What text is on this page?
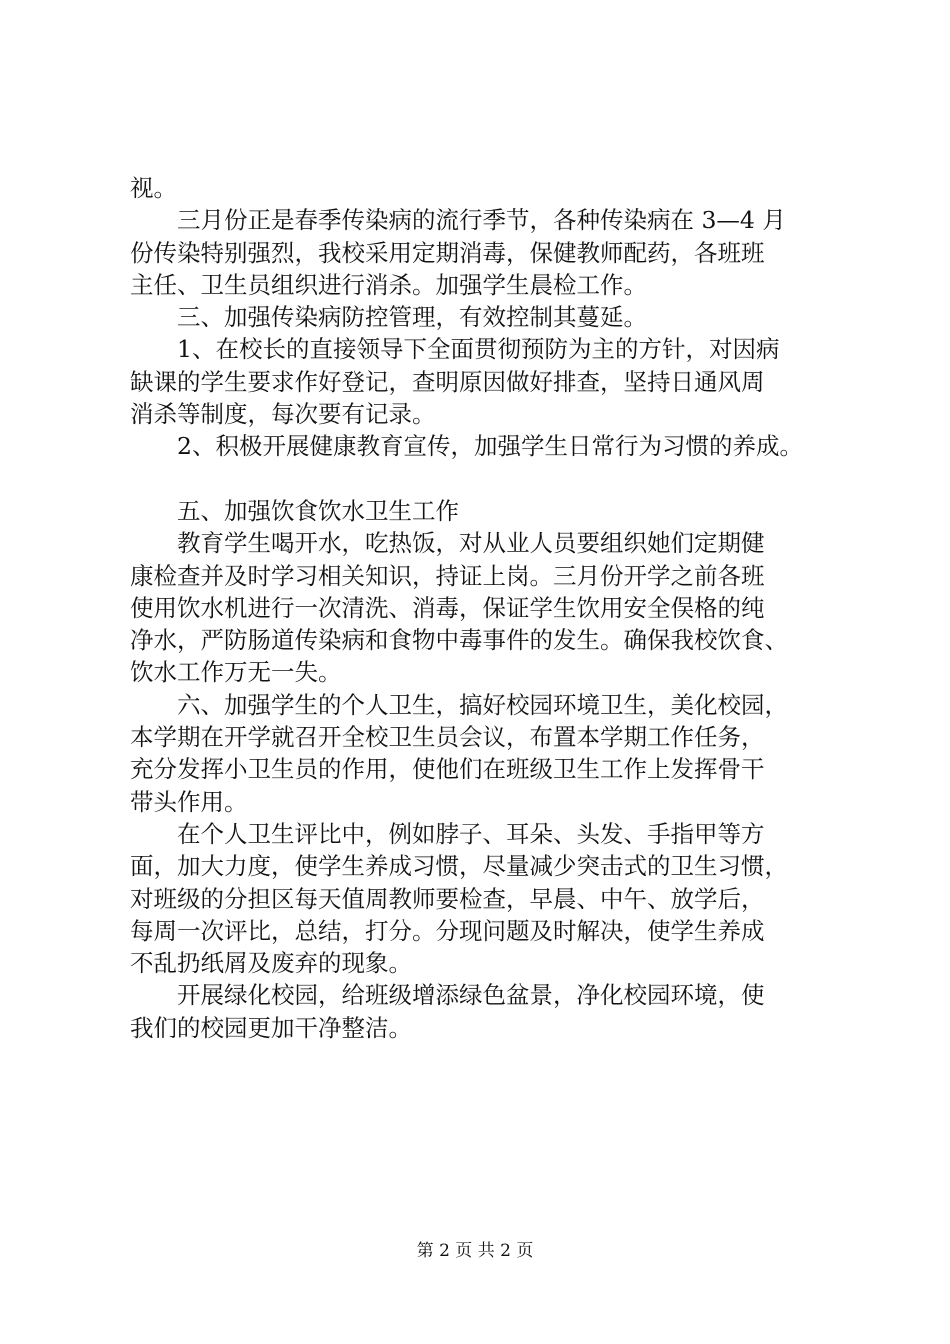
视。
三月份正是春季传染病的流行季节，各种传染病在 3—4 月
份传染特别强烈，我校采用定期消毒，保健教师配药，各班班
主任、卫生员组织进行消杀。加强学生晨检工作。
三、加强传染病防控管理，有效控制其蔓延。
1、在校长的直接领导下全面贯彻预防为主的方针，对因病
缺课的学生要求作好登记，查明原因做好排查，坚持日通风周
消杀等制度，每次要有记录。
2、积极开展健康教育宣传，加强学生日常行为习惯的养成。
五、加强饮食饮水卫生工作
教育学生喝开水，吃热饭，对从业人员要组织她们定期健
康检查并及时学习相关知识，持证上岗。三月份开学之前各班
使用饮水机进行一次清洗、消毒，保证学生饮用安全俣格的纯
净水，严防肠道传染病和食物中毒事件的发生。确保我校饮食、
饮水工作万无一失。
六、加强学生的个人卫生，搞好校园环境卫生，美化校园，
本学期在开学就召开全校卫生员会议，布置本学期工作任务，
充分发挥小卫生员的作用，使他们在班级卫生工作上发挥骨干
带头作用。
在个人卫生评比中，例如脖子、耳朵、头发、手指甲等方
面，加大力度，使学生养成习惯，尽量减少突击式的卫生习惯，
对班级的分担区每天值周教师要检查，早晨、中午、放学后，
每周一次评比，总结，打分。分现问题及时解决，使学生养成
不乱扔纸屑及废弃的现象。
开展绿化校园，给班级增添绿色盆景，净化校园环境，使
我们的校园更加干净整洁。
第 2 页 共 2 页
